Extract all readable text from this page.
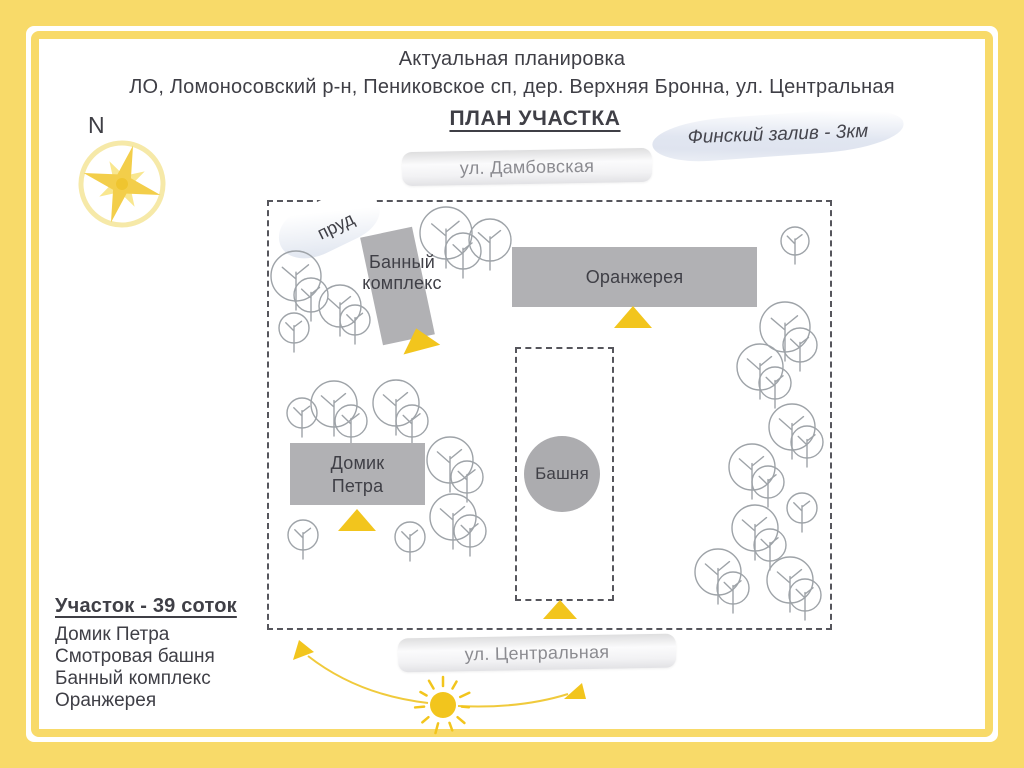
Актуальная планировка
ЛО, Ломоносовский р-н, Пениковское сп, дер. Верхняя Бронна, ул. Центральная
ПЛАН УЧАСТКА
Финский залив - 3км
N
ул. Дамбовская
ул. Центральная
пруд
Банный
комплекс	Оранжерея
Домик
Петра
Башня
Участок - 39 соток
Домик Петра
Смотровая башня
Банный комплекс
Оранжерея
